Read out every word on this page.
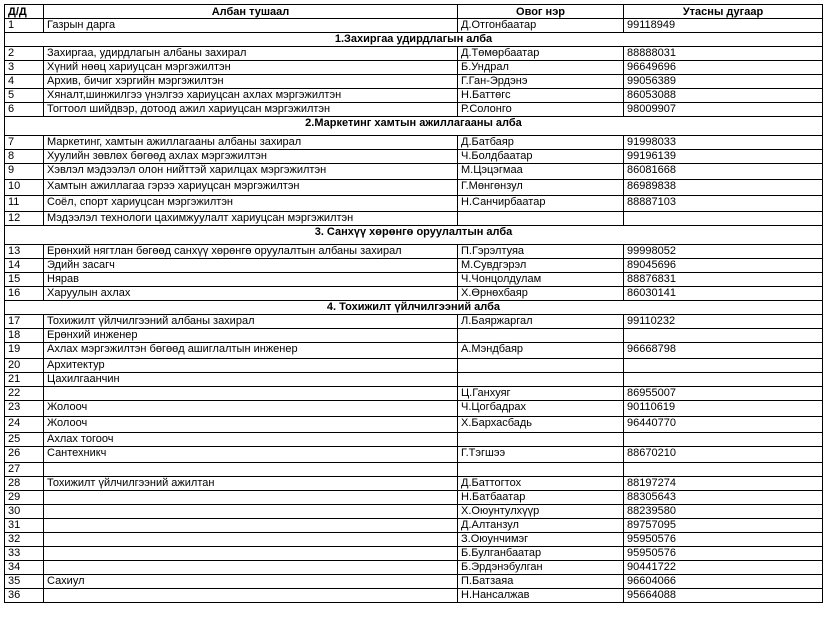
Д/Д	Албан тушаал	Овог нэр	Утасны дугаар
1	Газрын дарга	Д.Отгонбаатар	99118949
1.Захиргаа удирдлагын алба			
2	Захиргаа, удирдлагын албаны захирал	Д.Төмөрбаатар	88888031
3	Хүний нөөц хариуцсан мэргэжилтэн	Б.Ундрал	96649696
4	Архив, бичиг хэргийн мэргэжилтэн	Г.Ган-Эрдэнэ	99056389
5	Хяналт,шинжилгээ үнэлгээ хариуцсан ахлах мэргэжилтэн	Н.Баттөгс	86053088
6	Тогтоол шийдвэр, дотоод ажил хариуцсан мэргэжилтэн	Р.Солонго	98009907
2.Маркетинг хамтын ажиллагааны алба			
7	Маркетинг, хамтын ажиллагааны албаны захирал	Д.Батбаяр	91998033
8	Хуулийн зөвлөх бөгөөд ахлах мэргэжилтэн	Ч.Болдбаатар	99196139
9	Хэвлэл мэдээлэл олон нийттэй харилцах мэргэжилтэн	М.Цэцэгмаа	86081668
10	Хамтын ажиллагаа гэрээ хариуцсан мэргэжилтэн	Г.Мөнгөнзул	86989838
11	Соёл, спорт хариуцсан мэргэжилтэн	Н.Санчирбаатар	88887103
12	Мэдээлэл технологи цахимжуулалт хариуцсан мэргэжилтэн		
3. Санхүү хөрөнгө оруулалтын алба			
13	Ерөнхий нягтлан бөгөөд санхүү хөрөнгө оруулалтын албаны захирал	П.Гэрэлтуяа	99998052
14	Эдийн засагч	М.Сувдгэрэл	89045696
15	Нярав	Ч.Чонцолдулам	88876831
16	Харуулын ахлах	Х.Өрнөхбаяр	86030141
4. Тохижилт үйлчилгээний алба			
17	Тохижилт үйлчилгээний албаны захирал	Л.Баяржаргал	99110232
18	Ерөнхий инженер		
19	Ахлах мэргэжилтэн бөгөөд ашиглалтын инженер	А.Мэндбаяр	96668798
20	Архитектур		
21	Цахилгаанчин		
22		Ц.Ганхуяг	86955007
23	Жолооч	Ч.Цогбадрах	90110619
24	Жолооч	Х.Бархасбадь	96440770
25	Ахлах тогооч		
26	Сантехникч	Г.Тэгшээ	88670210
27			
28	Тохижилт үйлчилгээний ажилтан	Д.Баттогтох	88197274
29		Н.Батбаатар	88305643
30		Х.Оюунтулхүүр	88239580
31		Д.Алтанзул	89757095
32		З.Оюунчимэг	95950576
33		Б.Булганбаатар	95950576
34		Б.Эрдэнэбулган	90441722
35	Сахиул	П.Батзаяа	96604066
36		Н.Нансалжав	95664088
